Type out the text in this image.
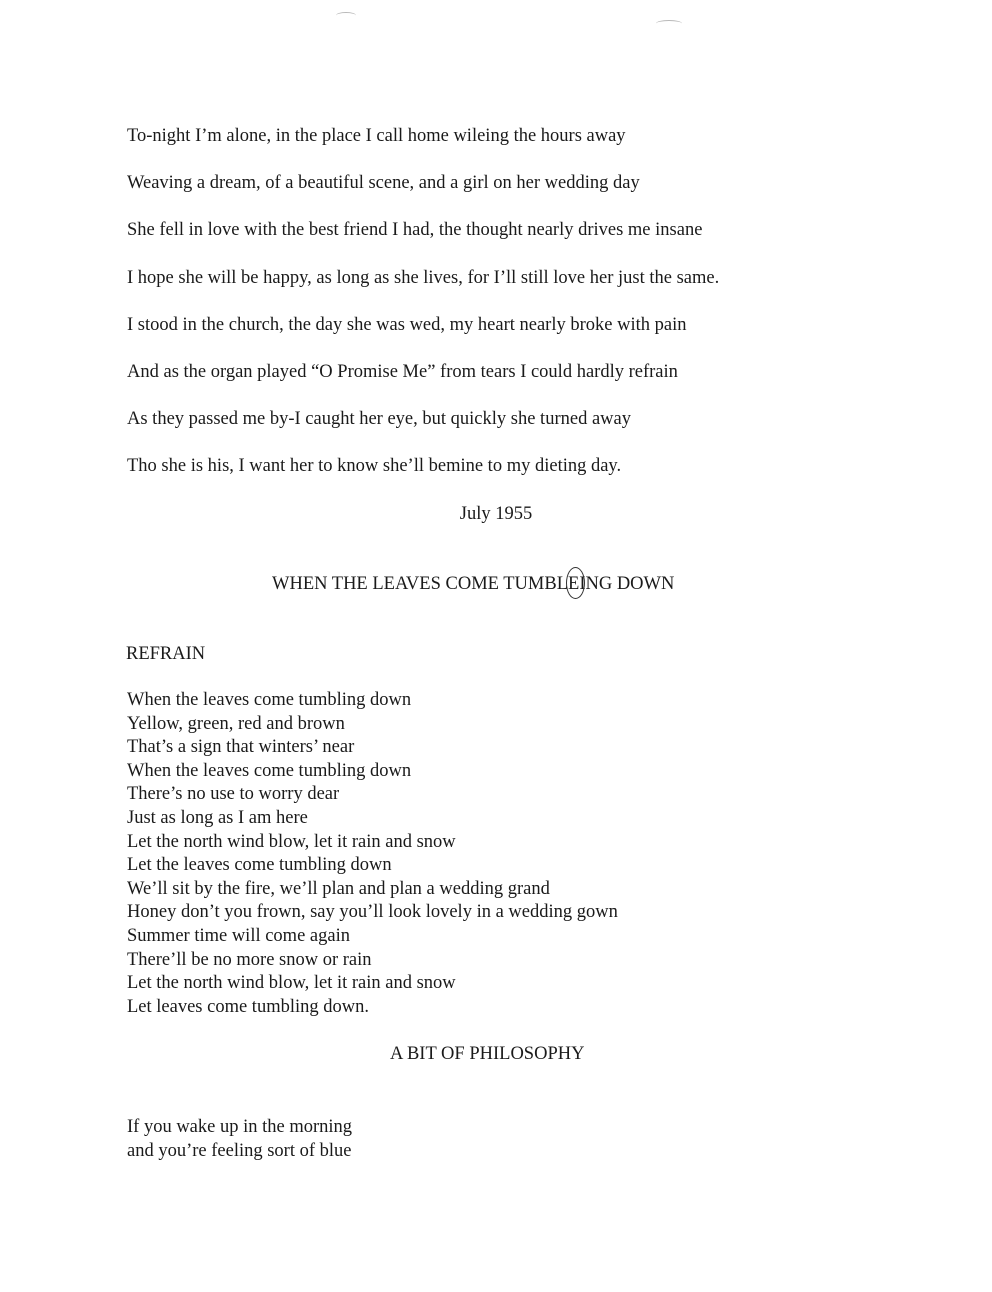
To-night I’m alone, in the place I call home wileing the hours away

Weaving a dream, of a beautiful scene, and a girl on her wedding day

She fell in love with the best friend I had, the thought nearly drives me insane

I hope she will be happy, as long as she lives, for I’ll still love her just the same.

I stood in the church, the day she was wed, my heart nearly broke with pain

And as the organ played “O Promise Me” from tears I could hardly refrain

As they passed me by-I caught her eye, but quickly she turned away

Tho she is his, I want her to know she’ll bemine to my dieting day.

July 1955

WHEN THE LEAVES COME TUMBLEING DOWN

REFRAIN

When the leaves come tumbling down
Yellow, green, red and brown
That’s a sign that winters’ near
When the leaves come tumbling down
There’s no use to worry dear
Just as long as I am here
Let the north wind blow, let it rain and snow
Let the leaves come tumbling down
We’ll sit by the fire, we’ll plan and plan a wedding grand
Honey don’t you frown, say you’ll look lovely in a wedding gown
Summer time will come again
There’ll be no more snow or rain
Let the north wind blow, let it rain and snow
Let leaves come tumbling down.

A BIT OF PHILOSOPHY

If you wake up in the morning
and you’re feeling sort of blue
